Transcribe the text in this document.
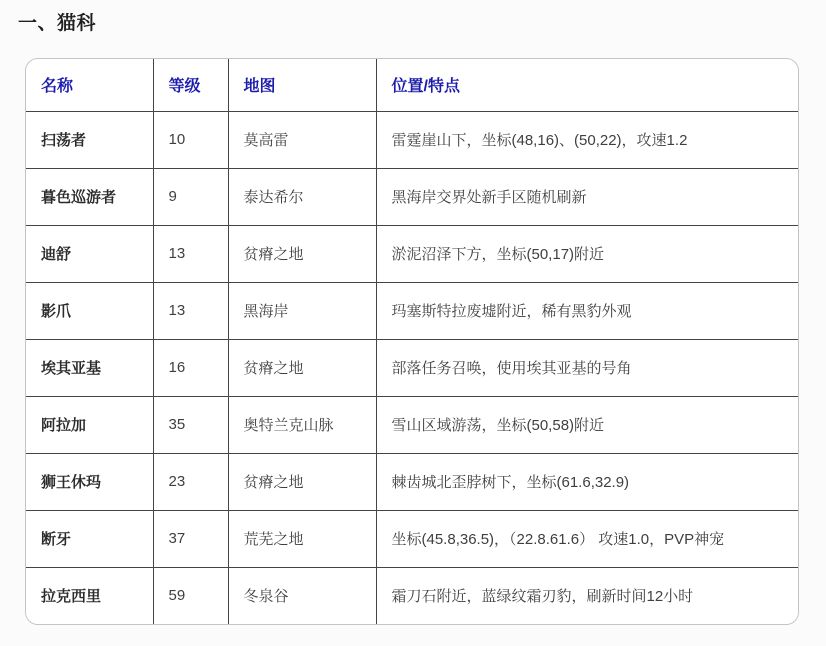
一、猫科
名称	等级	地图	位置/特点
扫荡者	10	莫高雷	雷霆崖山下，坐标(48,16)、(50,22)，攻速1.2
暮色巡游者	9	泰达希尔	黑海岸交界处新手区随机刷新
迪舒	13	贫瘠之地	淤泥沼泽下方，坐标(50,17)附近
影爪	13	黑海岸	玛塞斯特拉废墟附近，稀有黑豹外观
埃其亚基	16	贫瘠之地	部落任务召唤，使用埃其亚基的号角
阿拉加	35	奥特兰克山脉	雪山区域游荡，坐标(50,58)附近
狮王休玛	23	贫瘠之地	棘齿城北歪脖树下，坐标(61.6,32.9)
断牙	37	荒芜之地	坐标(45.8,36.5)，（22.8.61.6） 攻速1.0，PVP神宠
拉克西里	59	冬泉谷	霜刀石附近，蓝绿纹霜刃豹，刷新时间12小时
